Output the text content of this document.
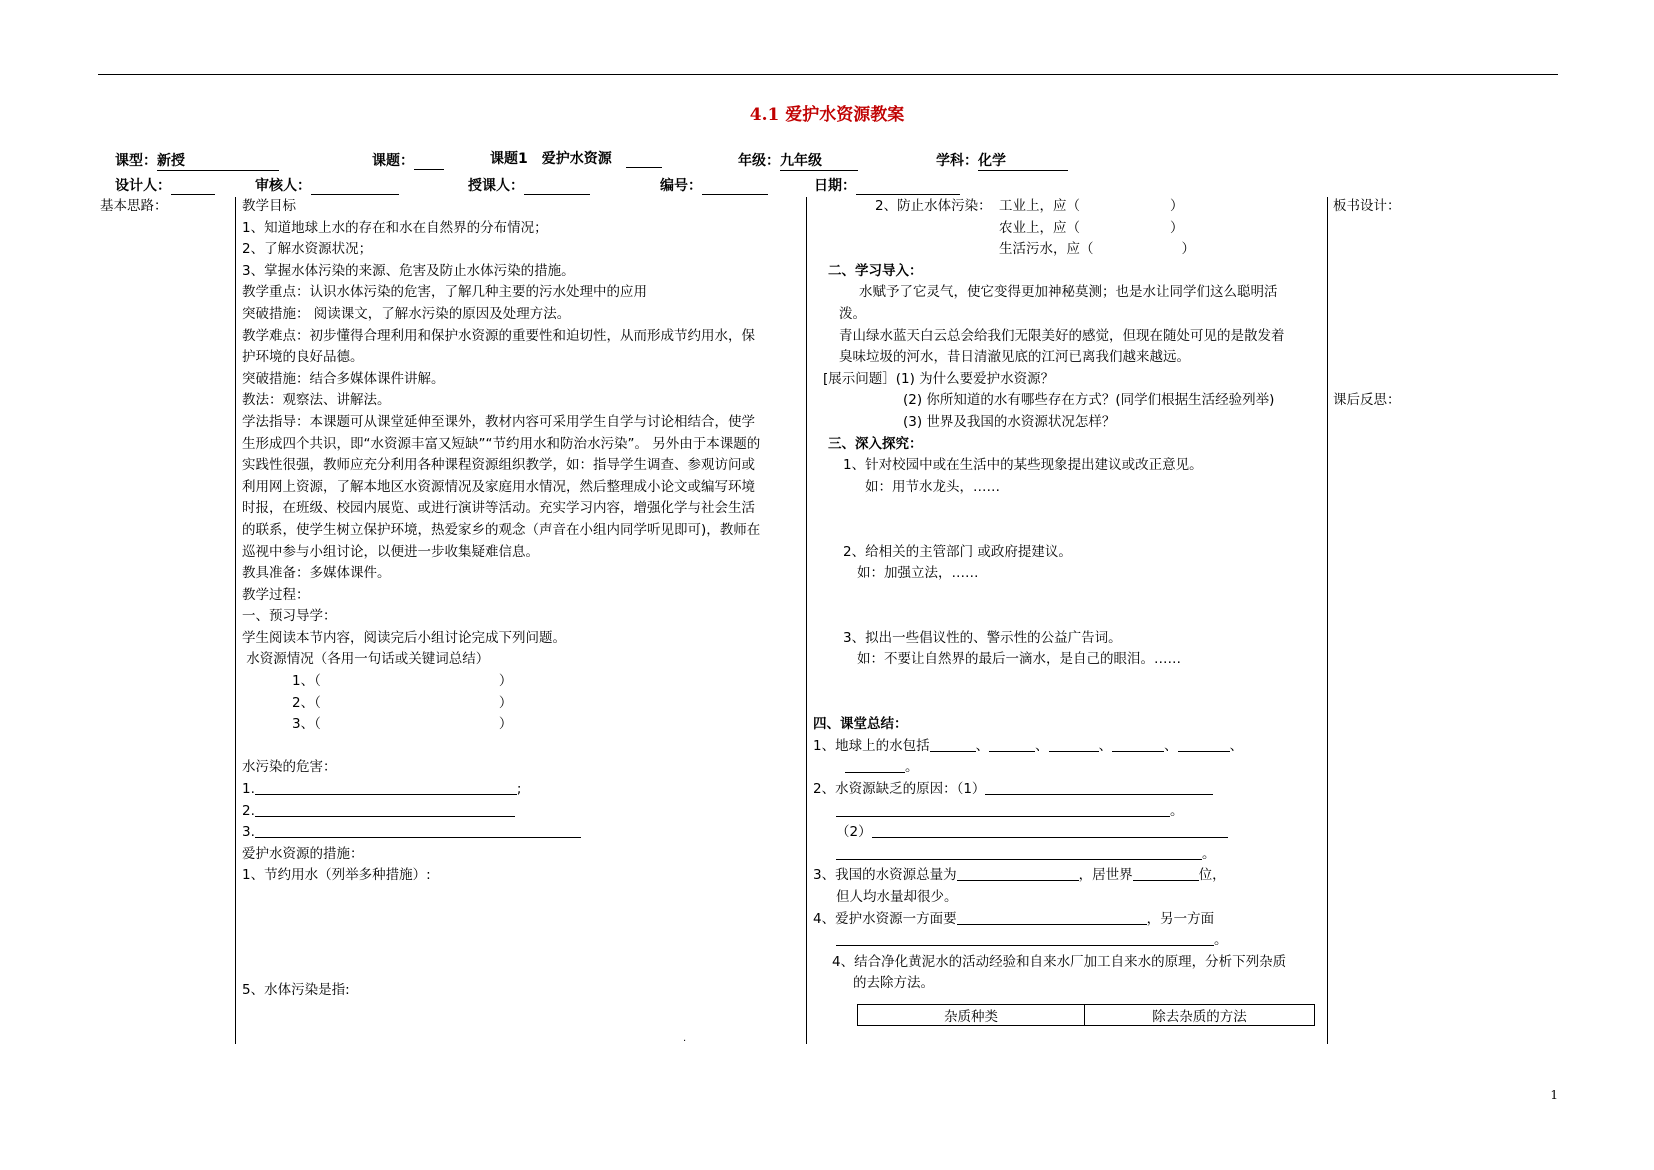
4.1 爱护水资源教案
课型：新授	课题：	课题1　爱护水资源　	年级：九年级	学科：化学
设计人：	审核人：	授课人：	编号：	日期：
基本思路：	教学目标
1、知道地球上水的存在和水在自然界的分布情况；
2、了解水资源状况；
3、掌握水体污染的来源、危害及防止水体污染的措施。
教学重点：认识水体污染的危害，了解几种主要的污水处理中的应用
突破措施： 阅读课文，了解水污染的原因及处理方法。
教学难点：初步懂得合理利用和保护水资源的重要性和迫切性，从而形成节约用水，保
护环境的良好品德。
突破措施：结合多媒体课件讲解。
教法：观察法、讲解法。
学法指导：本课题可从课堂延伸至课外，教材内容可采用学生自学与讨论相结合，使学
生形成四个共识，即“水资源丰富又短缺”“节约用水和防治水污染”。 另外由于本课题的
实践性很强，教师应充分利用各种课程资源组织教学，如：指导学生调查、参观访问或
利用网上资源，了解本地区水资源情况及家庭用水情况，然后整理成小论文或编写环境
时报，在班级、校园内展览、或进行演讲等活动。充实学习内容，增强化学与社会生活
的联系，使学生树立保护环境，热爱家乡的观念（声音在小组内同学听见即可)，教师在
巡视中参与小组讨论，以便进一步收集疑难信息。
教具准备：多媒体课件。
教学过程：
一、预习导学：
学生阅读本节内容，阅读完后小组讨论完成下列问题。
水资源情况（各用一句话或关键词总结）
1、（	）
2、（	）
3、（	）
水污染的危害：
1.	;
2.
3.
爱护水资源的措施：
1、节约用水（列举多种措施）:
5、水体污染是指:
·
2、防止水体污染： 工业上，应（	）
农业上，应（	）
生活污水，应（	）
二、学习导入：
水赋予了它灵气，使它变得更加神秘莫测；也是水让同学们这么聪明活
泼。
青山绿水蓝天白云总会给我们无限美好的感觉，但现在随处可见的是散发着
臭味垃圾的河水，昔日清澈见底的江河已离我们越来越远。
[展示问题］(1) 为什么要爱护水资源？
(2) 你所知道的水有哪些存在方式？(同学们根据生活经验列举)
(3) 世界及我国的水资源状况怎样？
三、深入探究：
1、针对校园中或在生活中的某些现象提出建议或改正意见。
如：用节水龙头，……
2、给相关的主管部门 或政府提建议。
如：加强立法，……
3、拟出一些倡议性的、警示性的公益广告词。
如：不要让自然界的最后一滴水，是自己的眼泪。……
四、课堂总结：
1、地球上的水包括	、	、	、	、	、
。
2、水资源缺乏的原因：（1）
。
（2）
。
3、我国的水资源总量为	，居世界	位，
但人均水量却很少。
4、爱护水资源一方面要	，另一方面
。
4、结合净化黄泥水的活动经验和自来水厂加工自来水的原理，分析下列杂质
的去除方法。
杂质种类	除去杂质的方法
板书设计：
课后反思：
1
